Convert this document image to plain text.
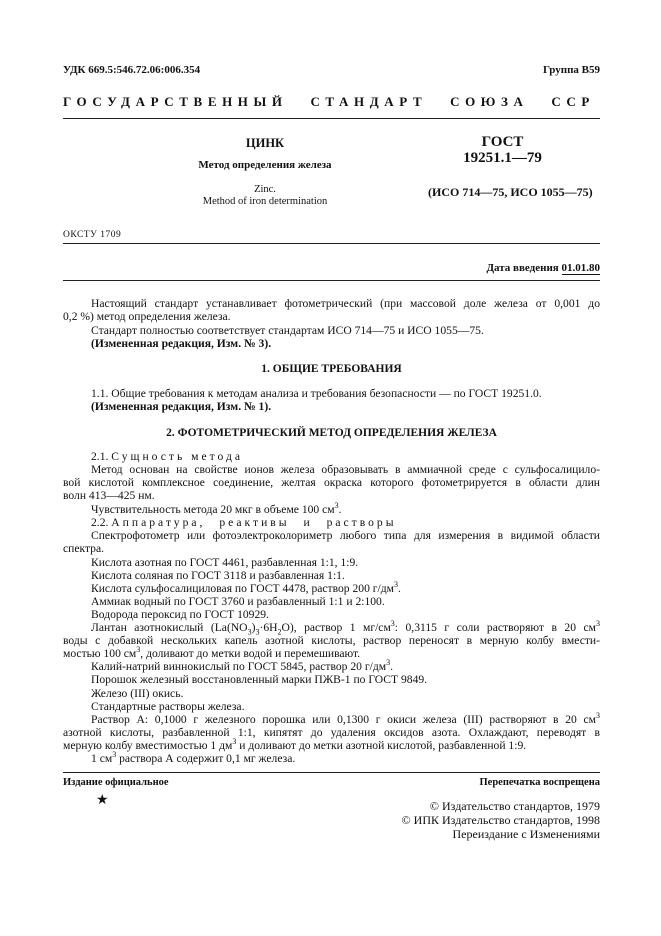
УДК 669.5:546.72.06:006.354	Группа В59
ГОСУДАРСТВЕННЫЙ СТАНДАРТ СОЮЗА ССР
ЦИНК
Метод определения железа
Zinc.
Method of iron determination
ГОСТ
19251.1—79
(ИСО 714—75, ИСО 1055—75)
ОКСТУ 1709
Дата введения 01.01.80
Настоящий стандарт устанавливает фотометрический (при массовой доле железа от 0,001 до
0,2 %) метод определения железа.
Стандарт полностью соответствует стандартам ИСО 714—75 и ИСО 1055—75.
(Измененная редакция, Изм. № 3).
1. ОБЩИЕ ТРЕБОВАНИЯ
1.1. Общие требования к методам анализа и требования безопасности — по ГОСТ 19251.0.
(Измененная редакция, Изм. № 1).
2. ФОТОМЕТРИЧЕСКИЙ МЕТОД ОПРЕДЕЛЕНИЯ ЖЕЛЕЗА
2.1. Сущность метода
Метод основан на свойстве ионов железа образовывать в аммиачной среде с сульфосалицило-
вой кислотой комплексное соединение, желтая окраска которого фотометрируется в области длин
волн 413—425 нм.
Чувствительность метода 20 мкг в объеме 100 $см^3$.
2.2. Аппаратура, реактивы и растворы
Спектрофотометр или фотоэлектроколориметр любого типа для измерения в видимой области
спектра.
Кислота азотная по ГОСТ 4461, разбавленная 1:1, 1:9.
Кислота соляная по ГОСТ 3118 и разбавленная 1:1.
Кислота сульфосалициловая по ГОСТ 4478, раствор 200 $г/дм^3$.
Аммиак водный по ГОСТ 3760 и разбавленный 1:1 и 2:100.
Водорода пероксид по ГОСТ 10929.
Лантан азотнокислый $(La(NO_3)_3\cdot 6H_2O)$, раствор 1 $мг/см^3$: 0,3115 г соли растворяют в 20 $см^3$
воды с добавкой нескольких капель азотной кислоты, раствор переносят в мерную колбу вмести-
мостью 100 $см^3$, доливают до метки водой и перемешивают.
Калий-натрий виннокислый по ГОСТ 5845, раствор 20 $г/дм^3$.
Порошок железный восстановленный марки ПЖВ-1 по ГОСТ 9849.
Железо (III) окись.
Стандартные растворы железа.
Раствор А: 0,1000 г железного порошка или 0,1300 г окиси железа (III) растворяют в 20 $см^3$
азотной кислоты, разбавленной 1:1, кипятят до удаления оксидов азота. Охлаждают, переводят в
мерную колбу вместимостью 1 $дм^3$ и доливают до метки азотной кислотой, разбавленной 1:9.
1 $см^3$ раствора А содержит 0,1 мг железа.
Издание официальное	Перепечатка воспрещена
★	© Издательство стандартов, 1979
© ИПК Издательство стандартов, 1998
Переиздание с Изменениями
